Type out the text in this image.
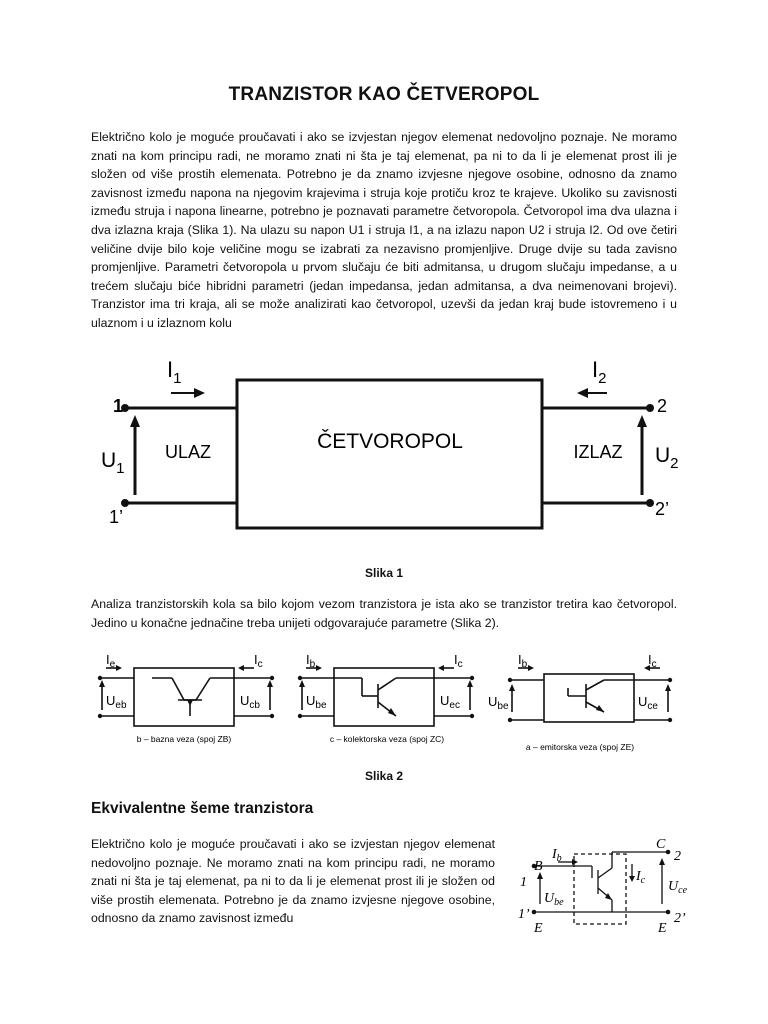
TRANZISTOR KAO ČETVEROPOL

Električno kolo je moguće proučavati i ako se izvjestan njegov elemenat nedovoljno poznaje. Ne moramo znati na kom principu radi, ne moramo znati ni šta je taj elemenat, pa ni to da li je elemenat prost ili je složen od više prostih elemenata. Potrebno je da znamo izvjesne njegove osobine, odnosno da znamo zavisnost između napona na njegovim krajevima i struja koje protiču kroz te krajeve. Ukoliko su zavisnosti između struja i napona linearne, potrebno je poznavati parametre četvoropola. Četvoropol ima dva ulazna i dva izlazna kraja (Slika 1). Na ulazu su napon U1 i struja I1, a na izlazu napon U2 i struja I2. Od ove četiri veličine dvije bilo koje veličine mogu se izabrati za nezavisno promjenljive. Druge dvije su tada zavisno promjenljive. Parametri četvoropola u prvom slučaju će biti admitansa, u drugom slučaju impedanse, a u trećem slučaju biće hibridni parametri (jedan impedansa, jedan admitansa, a dva neimenovani brojevi). Tranzistor ima tri kraja, ali se može analizirati kao četvoropol, uzevši da jedan kraj bude istovremeno i u ulaznom i u izlaznom kolu

ČETVOROPOL
ULAZ	IZLAZ
$I_1$	$I_2$
1
1’
2
2’
$U_1$
$U_2$
Slika 1

Analiza tranzistorskih kola sa bilo kojom vezom tranzistora je ista ako se tranzistor tretira kao četvoropol. Jedino u konačne jednačine treba unijeti odgovarajuće parametre (Slika 2).

$I_e$	$I_c$
$U_{eb}$	$U_{cb}$
b – bazna veza (spoj ZB)
$I_b$	$I_c$
$U_{be}$	$U_{ec}$
c – kolektorska veza (spoj ZC)
$I_b$	$I_c$
$U_{be}$	$U_{ce}$
a – emitorska veza (spoj ZE)
Slika 2
Ekvivalentne šeme tranzistora

Električno kolo je moguće proučavati i ako se izvjestan njegov elemenat nedovoljno poznaje. Ne moramo znati na kom principu radi, ne moramo znati ni šta je taj elemenat, pa ni to da li je elemenat prost ili je složen od više prostih elemenata. Potrebno je da znamo izvjesne njegove osobine, odnosno da znamo zavisnost između

B
C
E	E
1
1’
2
2’
$I_b$
$I_c$
$U_{be}$
$U_{ce}$
